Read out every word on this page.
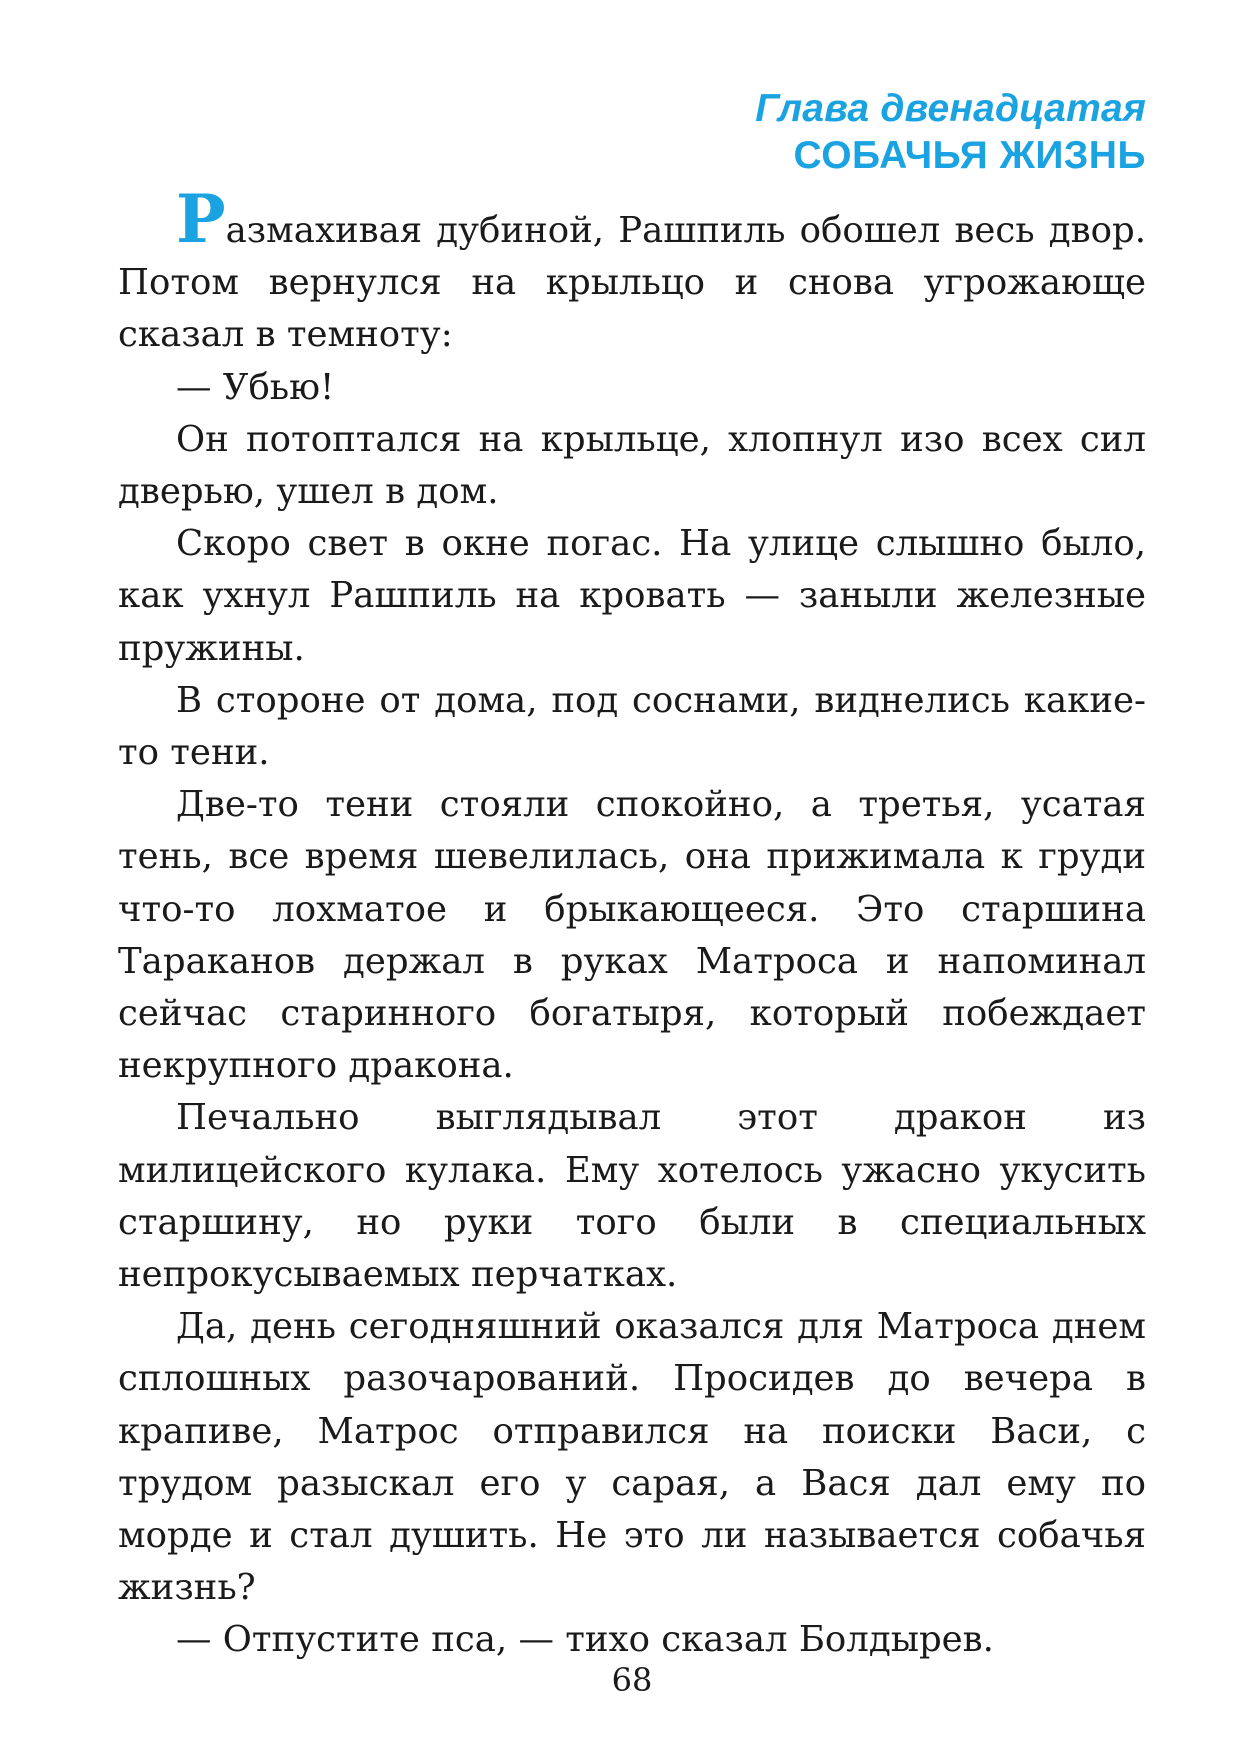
Глава двенадцатая
СОБАЧЬЯ ЖИЗНЬ

Размахивая дубиной, Рашпиль обошел весь двор. Потом вернулся на крыльцо и снова угрожающе сказал в темноту:

— Убью!

Он потоптался на крыльце, хлопнул изо всех сил дверью, ушел в дом.

Скоро свет в окне погас. На улице слышно было, как ухнул Рашпиль на кровать — заныли железные пружины.

В стороне от дома, под соснами, виднелись какие-то тени.

Две-то тени стояли спокойно, а третья, усатая тень, все время шевелилась, она прижимала к груди что-то лохматое и брыкающееся. Это старшина Тараканов держал в руках Матроса и напоминал сейчас старинного богатыря, который побеждает некрупного дракона.

Печально выглядывал этот дракон из милицейского кулака. Ему хотелось ужасно укусить старшину, но руки того были в специальных непрокусываемых перчатках.

Да, день сегодняшний оказался для Матроса днем сплошных разочарований. Просидев до вечера в крапиве, Матрос отправился на поиски Васи, с трудом разыскал его у сарая, а Вася дал ему по морде и стал душить. Не это ли называется собачья жизнь?

— Отпустите пса, — тихо сказал Болдырев.

68
